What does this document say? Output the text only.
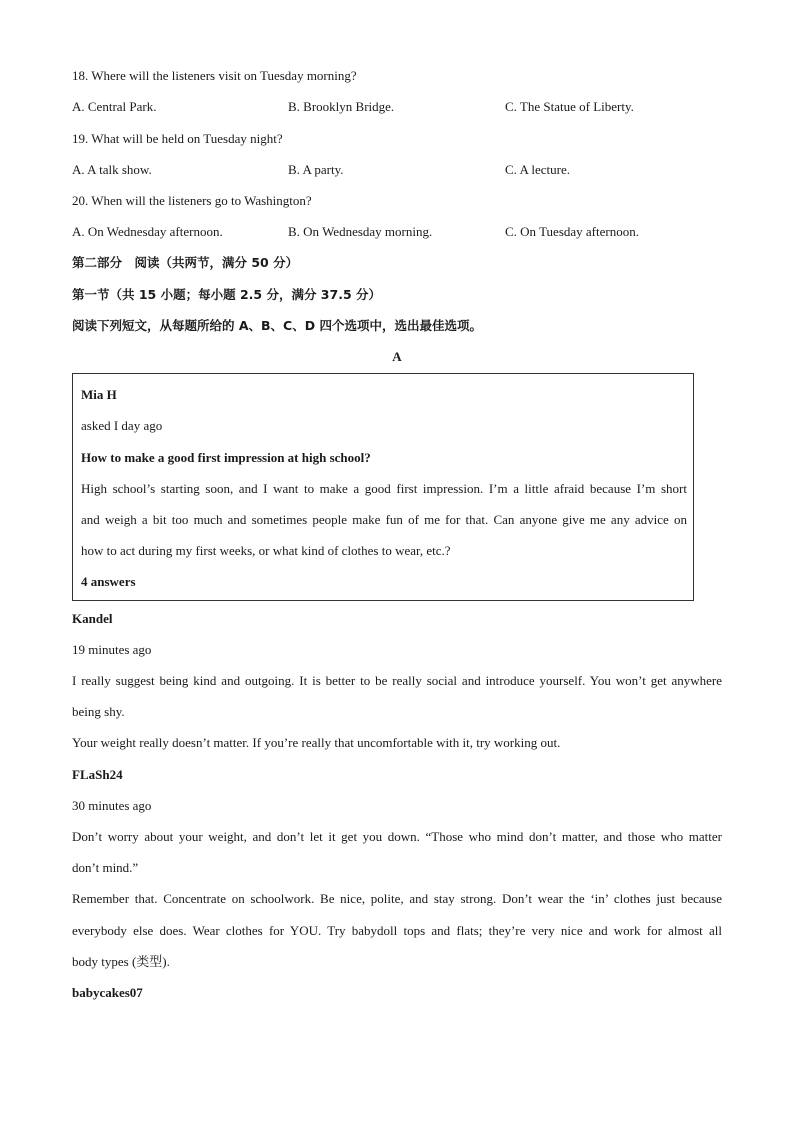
18. Where will the listeners visit on Tuesday morning?
A. Central Park.	B. Brooklyn Bridge.	C. The Statue of Liberty.
19. What will be held on Tuesday night?
A. A talk show.	B. A party.	C. A lecture.
20. When will the listeners go to Washington?
A. On Wednesday afternoon.	B. On Wednesday morning.	C. On Tuesday afternoon.
第二部分　阅读（共两节，满分 50 分）
第一节（共 15 小题；每小题 2.5 分，满分 37.5 分）
阅读下列短文，从每题所给的 A、B、C、D 四个选项中，选出最佳选项。
A
Mia H
asked I day ago
How to make a good first impression at high school?
High school’s starting soon, and I want to make a good first impression. I’m a little afraid because I’m short
and weigh a bit too much and sometimes people make fun of me for that. Can anyone give me any advice on
how to act during my first weeks, or what kind of clothes to wear, etc.?
4 answers
Kandel
19 minutes ago
I really suggest being kind and outgoing. It is better to be really social and introduce yourself. You won’t get anywhere
being shy.
Your weight really doesn’t matter. If you’re really that uncomfortable with it, try working out.
FLaSh24
30 minutes ago
Don’t worry about your weight, and don’t let it get you down. “Those who mind don’t matter, and those who matter
don’t mind.”
Remember that. Concentrate on schoolwork. Be nice, polite, and stay strong. Don’t wear the ‘in’ clothes just because
everybody else does. Wear clothes for YOU. Try babydoll tops and flats; they’re very nice and work for almost all
body types (类型).
babycakes07
